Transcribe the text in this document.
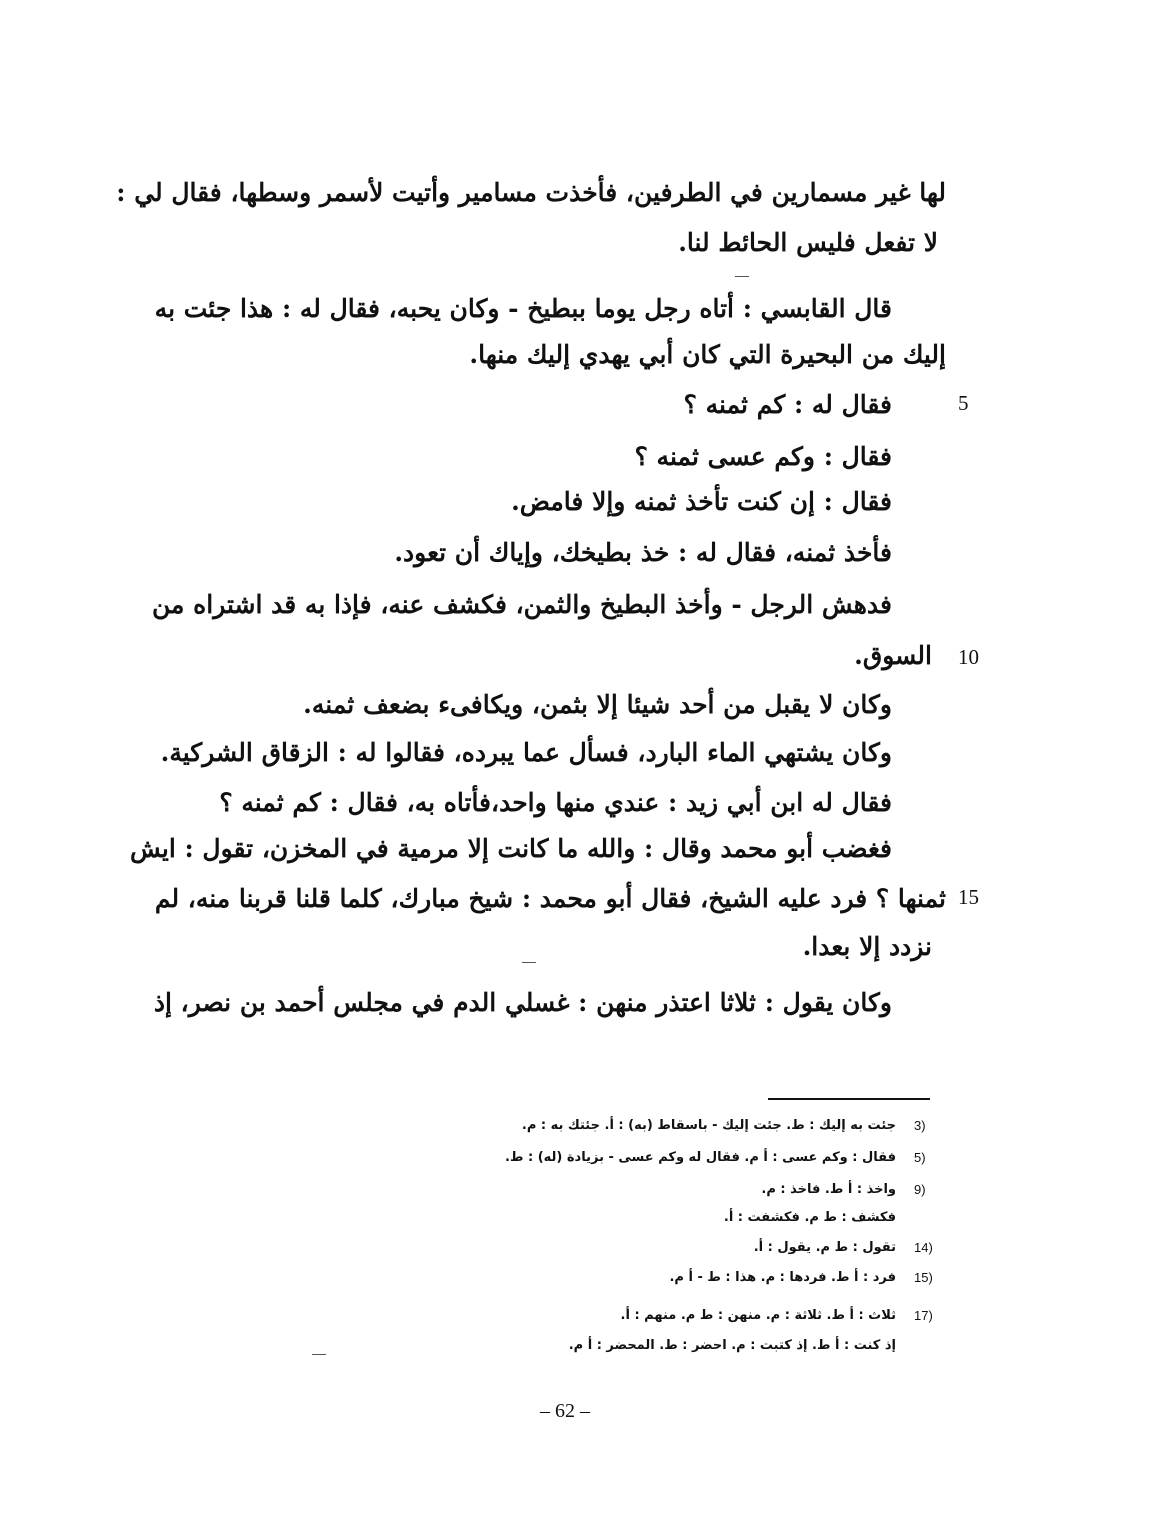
لها غير مسمارين في الطرفين، فأخذت مسامير وأتيت لأسمر وسطها، فقال لي :
لا تفعل فليس الحائط لنا.
قال القابسي : أتاه رجل يوما ببطيخ - وكان يحبه، فقال له : هذا جئت به
إليك من البحيرة التي كان أبي يهدي إليك منها.
فقال له : كم ثمنه ؟
فقال : وكم عسى ثمنه ؟
فقال : إن كنت تأخذ ثمنه وإلا فامض.
فأخذ ثمنه، فقال له : خذ بطيخك، وإياك أن تعود.
فدهش الرجل - وأخذ البطيخ والثمن، فكشف عنه، فإذا به قد اشتراه من
السوق.
وكان لا يقبل من أحد شيئا إلا بثمن، ويكافىء بضعف ثمنه.
وكان يشتهي الماء البارد، فسأل عما يبرده، فقالوا له : الزقاق الشركية.
فقال له ابن أبي زيد : عندي منها واحد،فأتاه به، فقال : كم ثمنه ؟
فغضب أبو محمد وقال : والله ما كانت إلا مرمية في المخزن، تقول : ايش
ثمنها ؟ فرد عليه الشيخ، فقال أبو محمد : شيخ مبارك، كلما قلنا قربنا منه، لم
نزدد إلا بعدا.
وكان يقول : ثلاثا اعتذر منهن : غسلي الدم في مجلس أحمد بن نصر، إذ
5
10
15
3)
5)
9)
14)
15)
17)
جئت به إليك : ط. جئت إليك - باسقاط (به) : أ. جئتك به : م.
فقال : وكم عسى : أ م. فقال له وكم عسى - بزيادة (له) : ط.
واخذ : أ ط. فاخذ : م.
فكشف : ط م. فكشفت : أ.
تقول : ط م. يقول : أ.
فرد : أ ط. فردها : م. هذا : ط - أ م.
ثلاث : أ ط. ثلاثة : م. منهن : ط م. منهم : أ.
إذ كنت : أ ط. إذ كتبت : م. احضر : ط. المحضر : أ م.
– 62 –
